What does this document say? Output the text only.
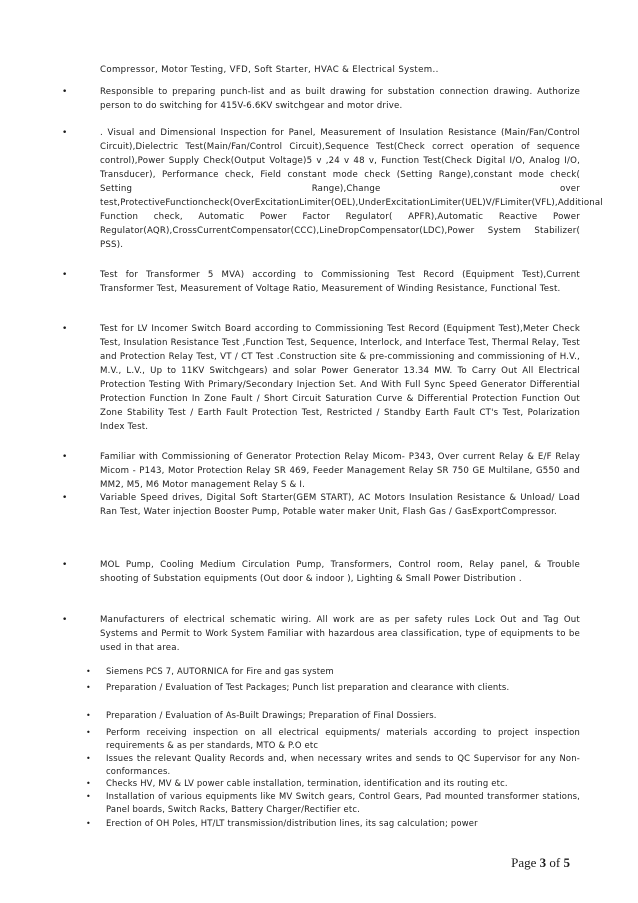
Compressor, Motor Testing, VFD, Soft Starter, HVAC & Electrical System..
•	Responsible to preparing punch-list and as built drawing for substation connection drawing. Authorize person to do switching for 415V-6.6KV switchgear and motor drive.
•	. Visual and Dimensional Inspection for Panel, Measurement of Insulation Resistance (Main/Fan/Control Circuit),Dielectric Test(Main/Fan/Control Circuit),Sequence Test(Check correct operation of sequence control),Power Supply Check(Output Voltage)5 v ,24 v 48 v, Function Test(Check Digital I/O, Analog I/O, Transducer), Performance check, Field constant mode check (Setting Range),constant mode check( Setting Range),Change over test,ProtectiveFunctioncheck(OverExcitationLimiter(OEL),UnderExcitationLimiter(UEL)V/FLimiter(VFL),Additional Function check, Automatic Power Factor Regulator( APFR),Automatic Reactive Power Regulator(AQR),CrossCurrentCompensator(CCC),LineDropCompensator(LDC),Power System Stabilizer( PSS).
•	Test for Transformer 5 MVA) according to Commissioning Test Record (Equipment Test),Current Transformer Test, Measurement of Voltage Ratio, Measurement of Winding Resistance, Functional Test.
•	Test for LV Incomer Switch Board according to Commissioning Test Record (Equipment Test),Meter Check Test, Insulation Resistance Test ,Function Test, Sequence, Interlock, and Interface Test, Thermal Relay, Test and Protection Relay Test, VT / CT Test .Construction site & pre-commissioning and commissioning of H.V., M.V., L.V., Up to 11KV Switchgears) and solar Power Generator 13.34 MW. To Carry Out All Electrical Protection Testing With Primary/Secondary Injection Set. And With Full Sync Speed Generator Differential Protection Function In Zone Fault / Short Circuit Saturation Curve & Differential Protection Function Out Zone Stability Test / Earth Fault Protection Test, Restricted / Standby Earth Fault CT's Test, Polarization Index Test.
•	Familiar with Commissioning of Generator Protection Relay Micom- P343, Over current Relay & E/F Relay Micom - P143, Motor Protection Relay SR 469, Feeder Management Relay SR 750 GE Multilane, G550 and MM2, M5, M6 Motor management Relay S & I.
•	Variable Speed drives, Digital Soft Starter(GEM START), AC Motors Insulation Resistance & Unload/ Load Ran Test, Water injection Booster Pump, Potable water maker Unit, Flash Gas / GasExportCompressor.
•	MOL Pump, Cooling Medium Circulation Pump, Transformers, Control room, Relay panel, & Trouble shooting of Substation equipments (Out door & indoor ), Lighting & Small Power Distribution .
•	Manufacturers of electrical schematic wiring. All work are as per safety rules Lock Out and Tag Out Systems and Permit to Work System Familiar with hazardous area classification, type of equipments to be used in that area.
• Siemens PCS 7, AUTORNICA for Fire and gas system
• Preparation / Evaluation of Test Packages; Punch list preparation and clearance with clients.
• Preparation / Evaluation of As-Built Drawings; Preparation of Final Dossiers.
• Perform receiving inspection on all electrical equipments/ materials according to project inspection requirements & as per standards, MTO & P.O etc
• Issues the relevant Quality Records and, when necessary writes and sends to QC Supervisor for any Non-conformances.
• Checks HV, MV & LV power cable installation, termination, identification and its routing etc.
• Installation of various equipments like MV Switch gears, Control Gears, Pad mounted transformer stations, Panel boards, Switch Racks, Battery Charger/Rectifier etc.
• Erection of OH Poles, HT/LT transmission/distribution lines, its sag calculation; power
Page 3 of 5
